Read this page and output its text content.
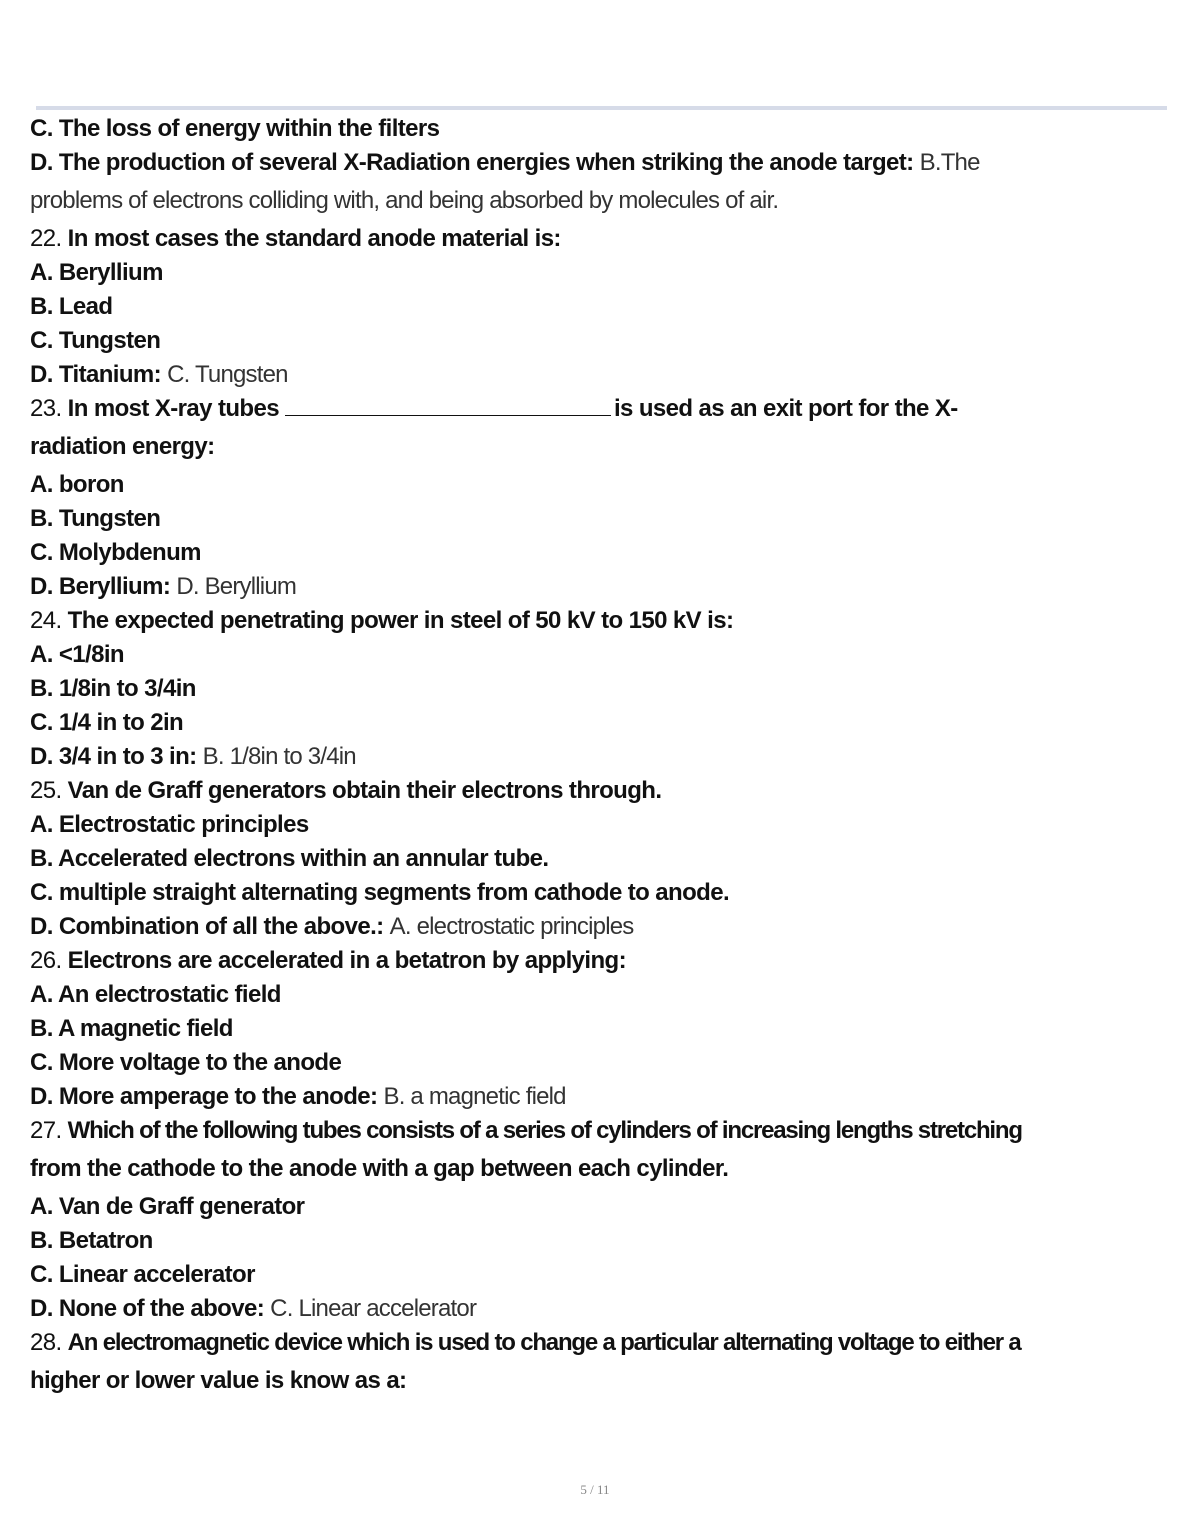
C. The loss of energy within the filters
D. The production of several X-Radiation energies when striking the anode target: B.The
problems of electrons colliding with, and being absorbed by molecules of air.
22. In most cases the standard anode material is:
A. Beryllium
B. Lead
C. Tungsten
D. Titanium: C. Tungsten
23. In most X-ray tubes	is used as an exit port for the X-
radiation energy:
A. boron
B. Tungsten
C. Molybdenum
D. Beryllium: D. Beryllium
24. The expected penetrating power in steel of 50 kV to 150 kV is:
A. <1/8in
B. 1/8in to 3/4in
C. 1/4 in to 2in
D. 3/4 in to 3 in: B. 1/8in to 3/4in
25. Van de Graff generators obtain their electrons through.
A. Electrostatic principles
B. Accelerated electrons within an annular tube.
C. multiple straight alternating segments from cathode to anode.
D. Combination of all the above.: A. electrostatic principles
26. Electrons are accelerated in a betatron by applying:
A. An electrostatic field
B. A magnetic field
C. More voltage to the anode
D. More amperage to the anode: B. a magnetic field
27. Which of the following tubes consists of a series of cylinders of increasing lengths stretching
from the cathode to the anode with a gap between each cylinder.
A. Van de Graff generator
B. Betatron
C. Linear accelerator
D. None of the above: C. Linear accelerator
28. An electromagnetic device which is used to change a particular alternating voltage to either a
higher or lower value is know as a:
5 / 11
